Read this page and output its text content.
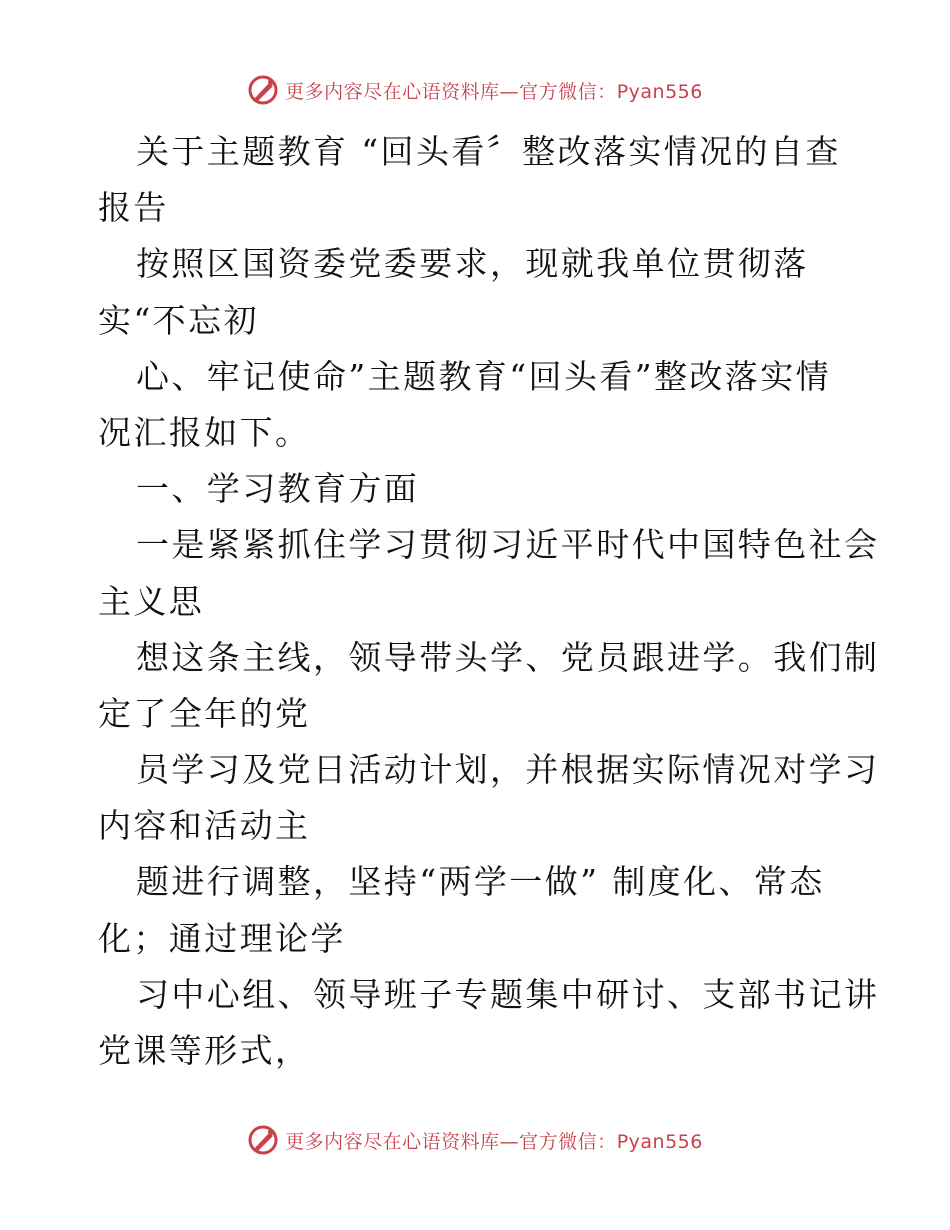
更多内容尽在心语资料库—官方微信：Pyan556
关于主题教育 “回头看〞整改落实情况的自查
报告
按照区国资委党委要求，现就我单位贯彻落
实“不忘初
心、牢记使命”主题教育“回头看”整改落实情
况汇报如下。
一、学习教育方面
一是紧紧抓住学习贯彻习近平时代中国特色社会
主义思
想这条主线，领导带头学、党员跟进学。我们制
定了全年的党
员学习及党日活动计划，并根据实际情况对学习
内容和活动主
题进行调整，坚持“两学一做” 制度化、常态
化；通过理论学
习中心组、领导班子专题集中研讨、支部书记讲
党课等形式，
更多内容尽在心语资料库—官方微信：Pyan556
